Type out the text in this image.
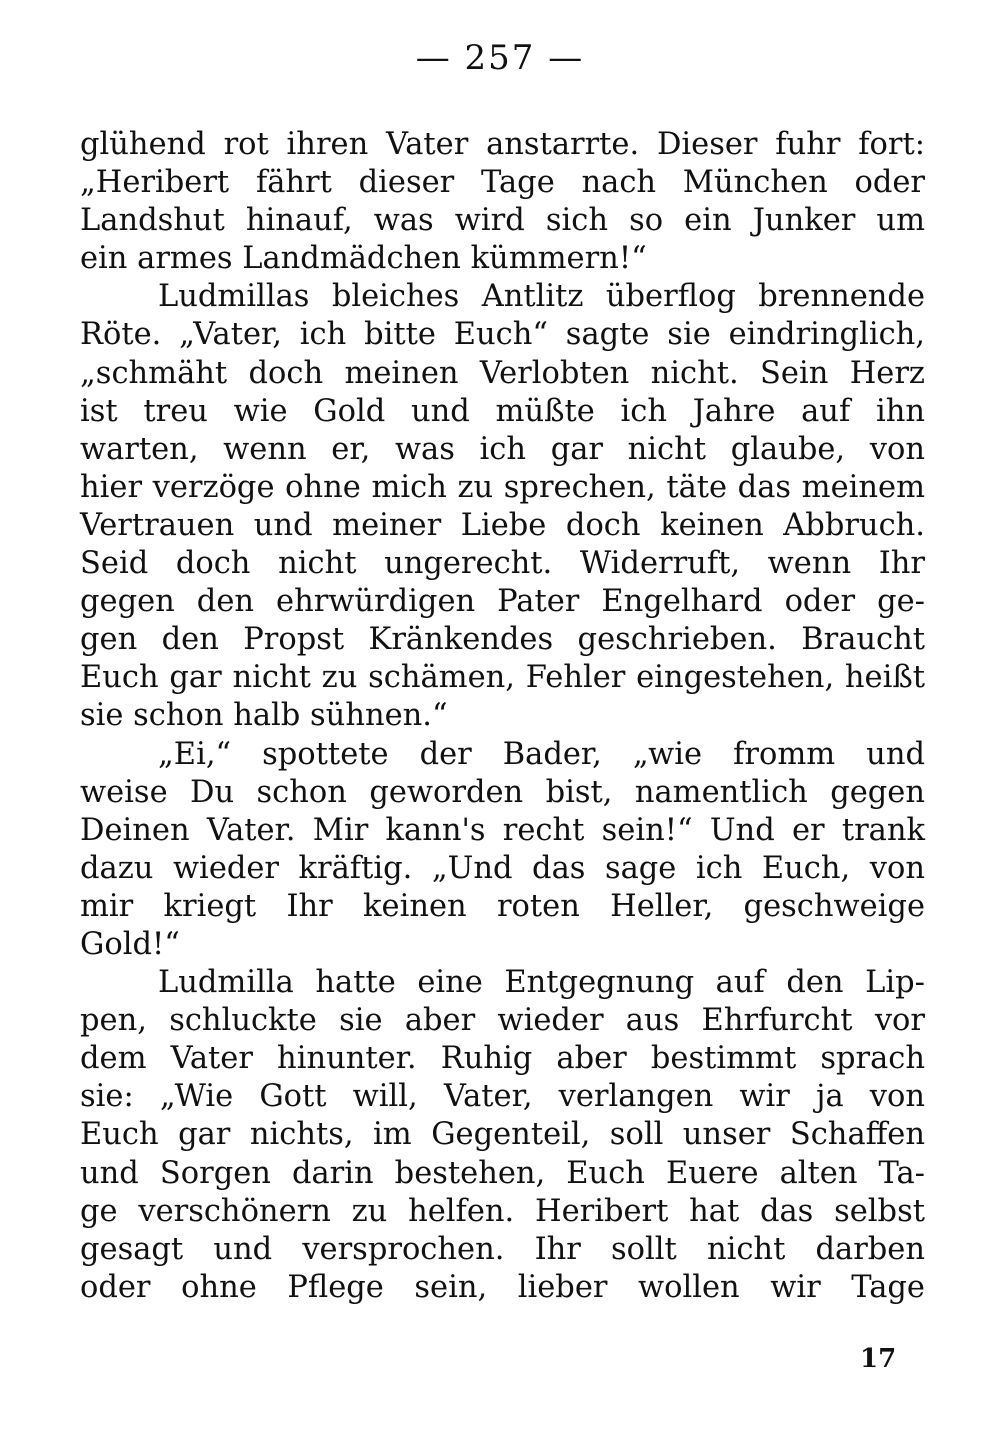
— 257 —
glühend rot ihren Vater anstarrte. Dieser fuhr fort:
„Heribert fährt dieser Tage nach München oder
Landshut hinauf, was wird sich so ein Junker um
ein armes Landmädchen kümmern!“
Ludmillas bleiches Antlitz überflog brennende
Röte. „Vater, ich bitte Euch“ sagte sie eindringlich,
„schmäht doch meinen Verlobten nicht. Sein Herz
ist treu wie Gold und müßte ich Jahre auf ihn
warten, wenn er, was ich gar nicht glaube, von
hier verzöge ohne mich zu sprechen, täte das meinem
Vertrauen und meiner Liebe doch keinen Abbruch.
Seid doch nicht ungerecht. Widerruft, wenn Ihr
gegen den ehrwürdigen Pater Engelhard oder ge-
gen den Propst Kränkendes geschrieben. Braucht
Euch gar nicht zu schämen, Fehler eingestehen, heißt
sie schon halb sühnen.“
„Ei,“ spottete der Bader, „wie fromm und
weise Du schon geworden bist, namentlich gegen
Deinen Vater. Mir kann's recht sein!“ Und er trank
dazu wieder kräftig. „Und das sage ich Euch, von
mir kriegt Ihr keinen roten Heller, geschweige
Gold!“
Ludmilla hatte eine Entgegnung auf den Lip-
pen, schluckte sie aber wieder aus Ehrfurcht vor
dem Vater hinunter. Ruhig aber bestimmt sprach
sie: „Wie Gott will, Vater, verlangen wir ja von
Euch gar nichts, im Gegenteil, soll unser Schaffen
und Sorgen darin bestehen, Euch Euere alten Ta-
ge verschönern zu helfen. Heribert hat das selbst
gesagt und versprochen. Ihr sollt nicht darben
oder ohne Pflege sein, lieber wollen wir Tage
17
